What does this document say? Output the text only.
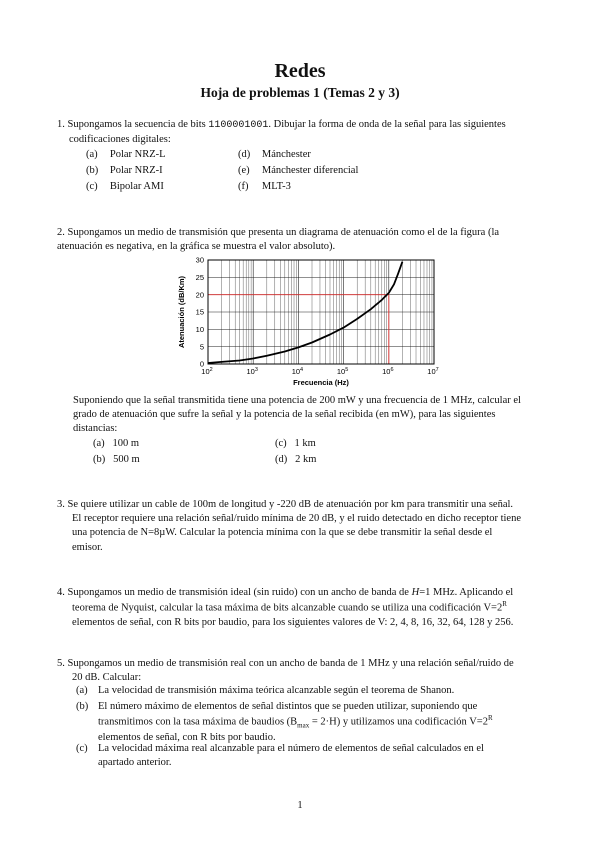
Redes
Hoja de problemas 1 (Temas 2 y 3)

1. Supongamos la secuencia de bits 1100001001. Dibujar la forma de onda de la señal para las siguientes

codificaciones digitales:

(a) Polar NRZ-L
(b) Polar NRZ-I
(c) Bipolar AMI
(d) Mánchester
(e) Mánchester diferencial
(f) MLT-3

2. Supongamos un medio de transmisión que presenta un diagrama de atenuación como el de la figura (la

atenuación es negativa, en la gráfica se muestra el valor absoluto).

0
5
10
15
20
25
30
$10^2$	$10^3$	$10^4$	$10^5$	$10^6$	$10^7$
Atenuación (dB/Km)
Frecuencia (Hz)

Suponiendo que la señal transmitida tiene una potencia de 200 mW y una frecuencia de 1 MHz, calcular el

grado de atenuación que sufre la señal y la potencia de la señal recibida (en mW), para las siguientes

distancias:

(a) 100 m
(b) 500 m
(c) 1 km
(d) 2 km

3. Se quiere utilizar un cable de 100m de longitud y -220 dB de atenuación por km para transmitir una señal.

El receptor requiere una relación señal/ruido mínima de 20 dB, y el ruido detectado en dicho receptor tiene

una potencia de N=8µW. Calcular la potencia mínima con la que se debe transmitir la señal desde el

emisor.

4. Supongamos un medio de transmisión ideal (sin ruido) con un ancho de banda de H=1 MHz. Aplicando el

teorema de Nyquist, calcular la tasa máxima de bits alcanzable cuando se utiliza una codificación $V=2^R$

elementos de señal, con R bits por baudio, para los siguientes valores de V: 2, 4, 8, 16, 32, 64, 128 y 256.

5. Supongamos un medio de transmisión real con un ancho de banda de 1 MHz y una relación señal/ruido de

20 dB. Calcular:

(a) La velocidad de transmisión máxima teórica alcanzable según el teorema de Shanon.

(b) El número máximo de elementos de señal distintos que se pueden utilizar, suponiendo que

transmitimos con la tasa máxima de baudios $(B_{max} = 2\cdot H)$ y utilizamos una codificación $V=2^R$

elementos de señal, con R bits por baudio.

(c) La velocidad máxima real alcanzable para el número de elementos de señal calculados en el

apartado anterior.

1
